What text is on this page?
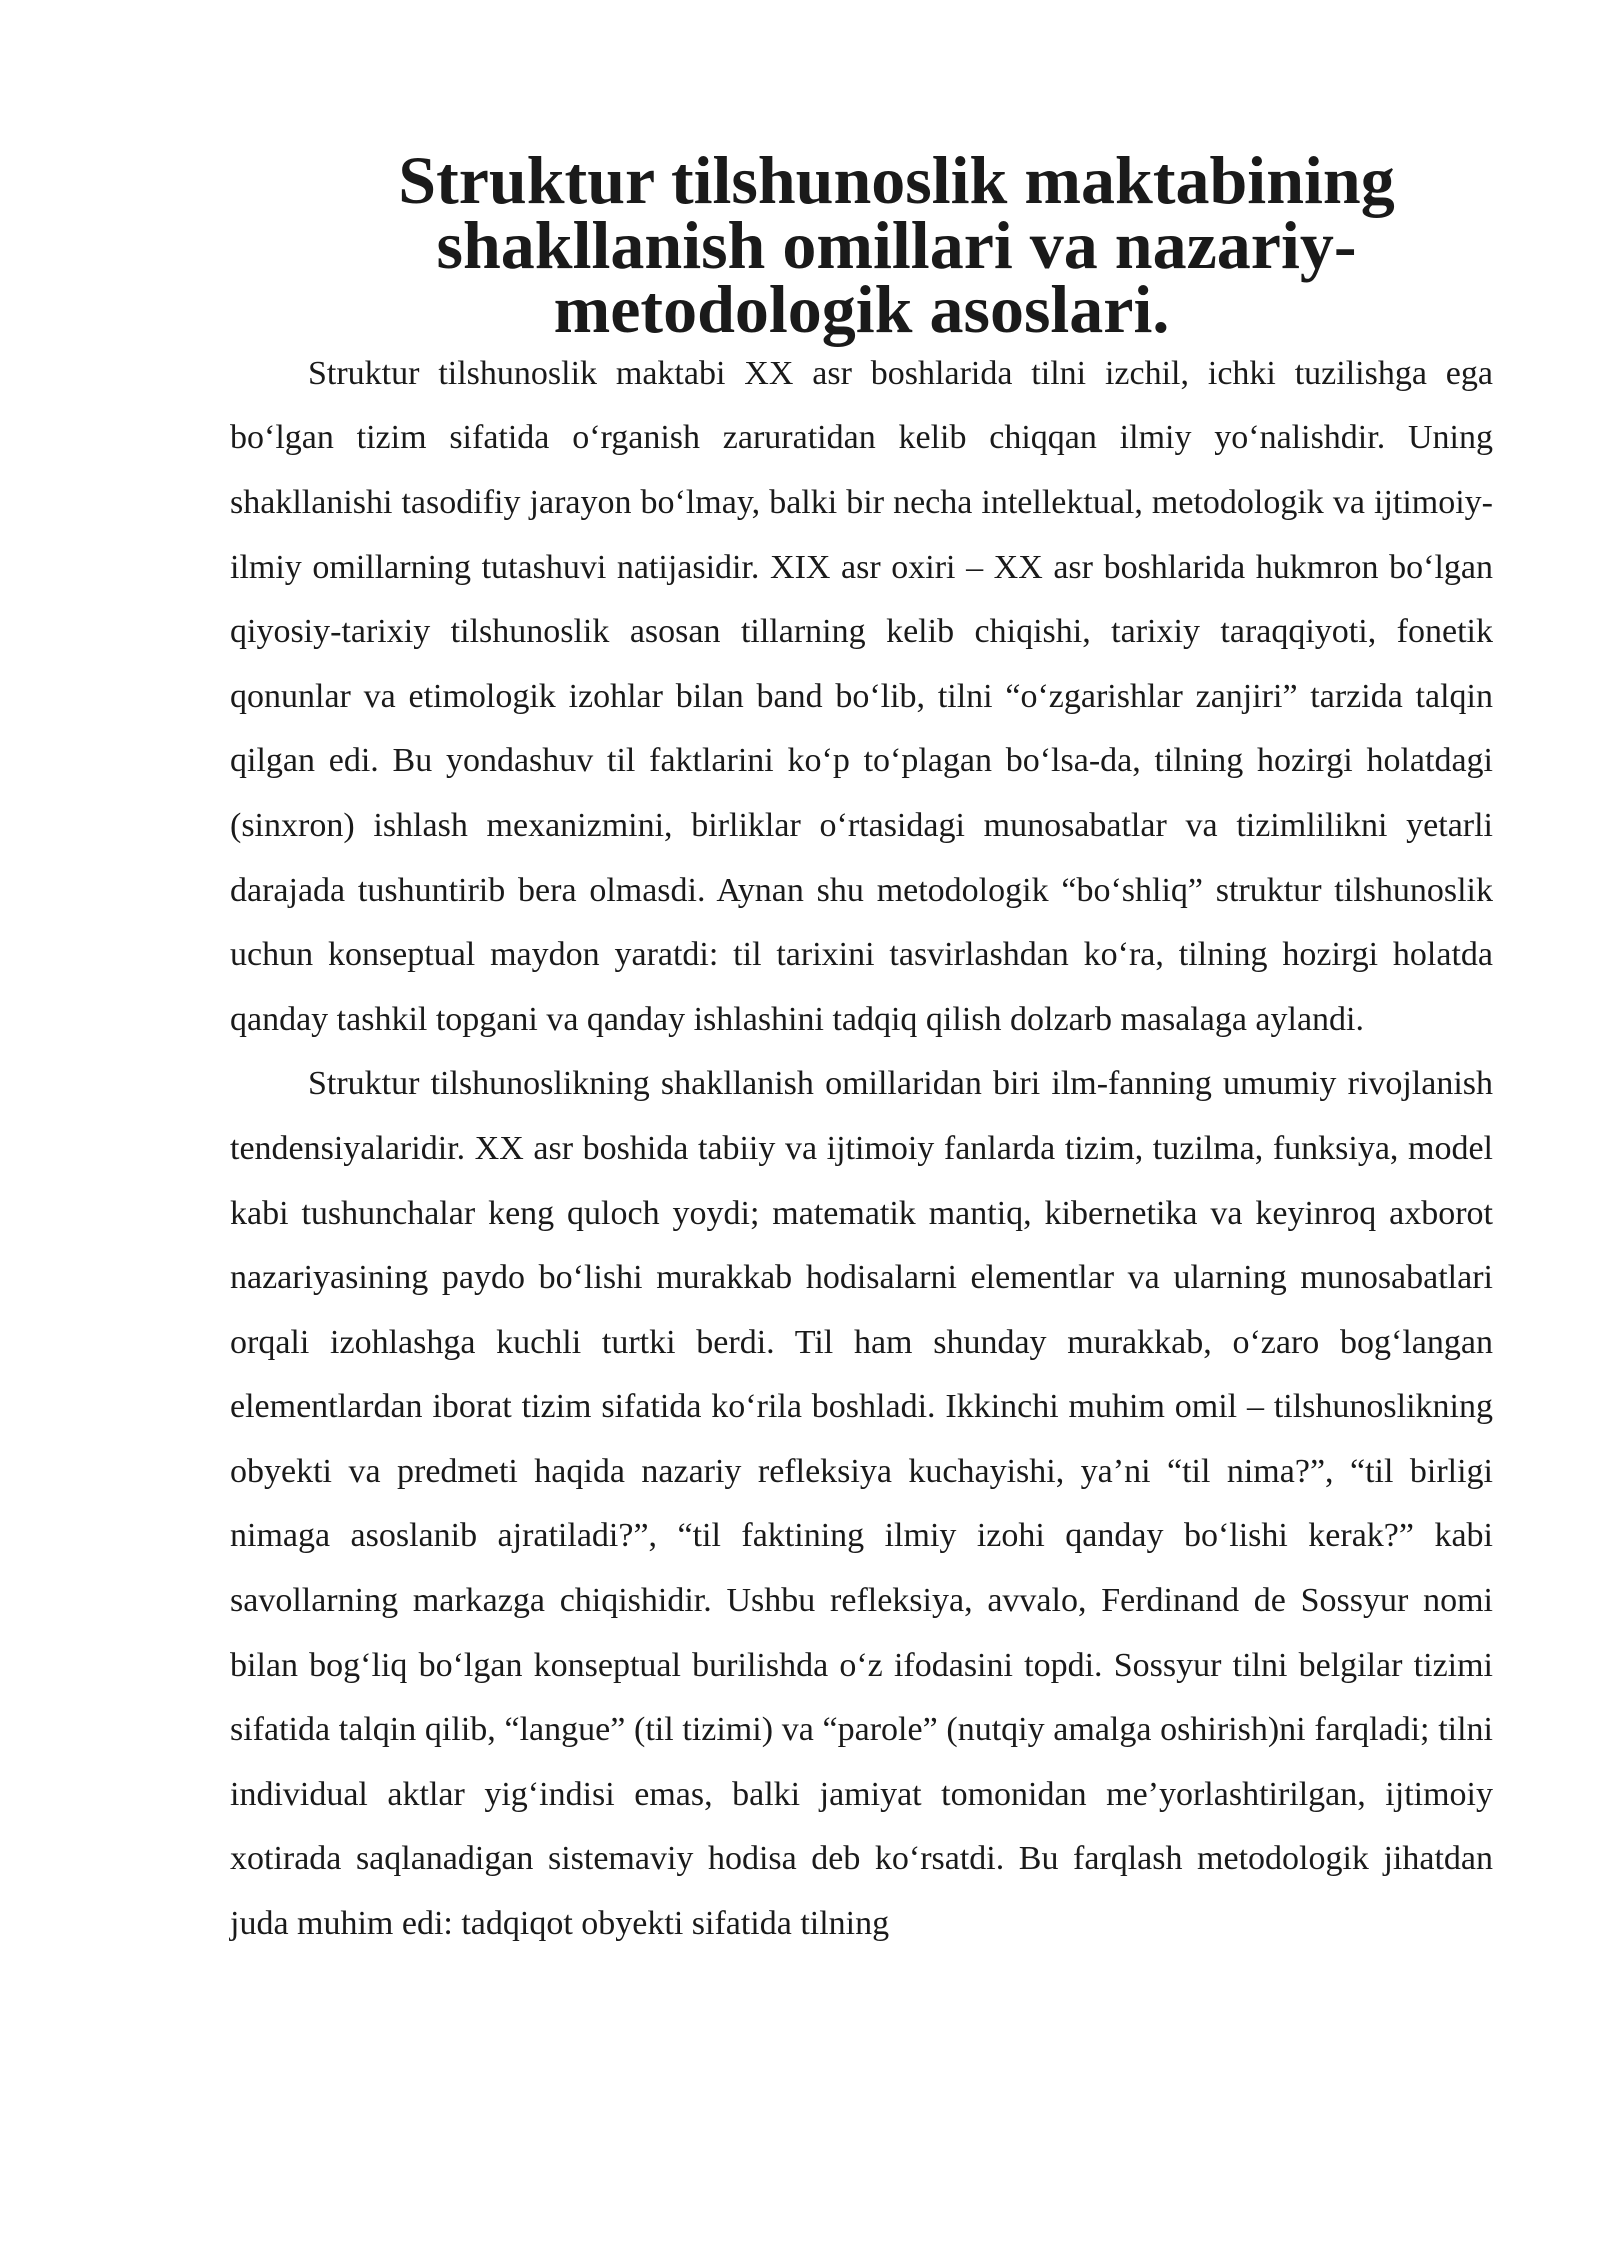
Struktur tilshunoslik maktabining shakllanish omillari va nazariy-
metodologik asoslari.

Struktur tilshunoslik maktabi XX asr boshlarida tilni izchil, ichki tuzilishga ega bo‘lgan tizim sifatida o‘rganish zaruratidan kelib chiqqan ilmiy yo‘nalishdir. Uning shakllanishi tasodifiy jarayon bo‘lmay, balki bir necha intellektual, metodologik va ijtimoiy-ilmiy omillarning tutashuvi natijasidir. XIX asr oxiri – XX asr boshlarida hukmron bo‘lgan qiyosiy-tarixiy tilshunoslik asosan tillarning kelib chiqishi, tarixiy taraqqiyoti, fonetik qonunlar va etimologik izohlar bilan band bo‘lib, tilni “o‘zgarishlar zanjiri” tarzida talqin qilgan edi. Bu yondashuv til faktlarini ko‘p to‘plagan bo‘lsa-da, tilning hozirgi holatdagi (sinxron) ishlash mexanizmini, birliklar o‘rtasidagi munosabatlar va tizimlilikni yetarli darajada tushuntirib bera olmasdi. Aynan shu metodologik “bo‘shliq” struktur tilshunoslik uchun konseptual maydon yaratdi: til tarixini tasvirlashdan ko‘ra, tilning hozirgi holatda qanday tashkil topgani va qanday ishlashini tadqiq qilish dolzarb masalaga aylandi.

Struktur tilshunoslikning shakllanish omillaridan biri ilm-fanning umumiy rivojlanish tendensiyalaridir. XX asr boshida tabiiy va ijtimoiy fanlarda tizim, tuzilma, funksiya, model kabi tushunchalar keng quloch yoydi; matematik mantiq, kibernetika va keyinroq axborot nazariyasining paydo bo‘lishi murakkab hodisalarni elementlar va ularning munosabatlari orqali izohlashga kuchli turtki berdi. Til ham shunday murakkab, o‘zaro bog‘langan elementlardan iborat tizim sifatida ko‘rila boshladi. Ikkinchi muhim omil – tilshunoslikning obyekti va predmeti haqida nazariy refleksiya kuchayishi, ya’ni “til nima?”, “til birligi nimaga asoslanib ajratiladi?”, “til faktining ilmiy izohi qanday bo‘lishi kerak?” kabi savollarning markazga chiqishidir. Ushbu refleksiya, avvalo, Ferdinand de Sossyur nomi bilan bog‘liq bo‘lgan konseptual burilishda o‘z ifodasini topdi. Sossyur tilni belgilar tizimi sifatida talqin qilib, “langue” (til tizimi) va “parole” (nutqiy amalga oshirish)ni farqladi; tilni individual aktlar yig‘indisi emas, balki jamiyat tomonidan me’yorlashtirilgan, ijtimoiy xotirada saqlanadigan sistemaviy hodisa deb ko‘rsatdi. Bu farqlash metodologik jihatdan juda muhim edi: tadqiqot obyekti sifatida tilning
